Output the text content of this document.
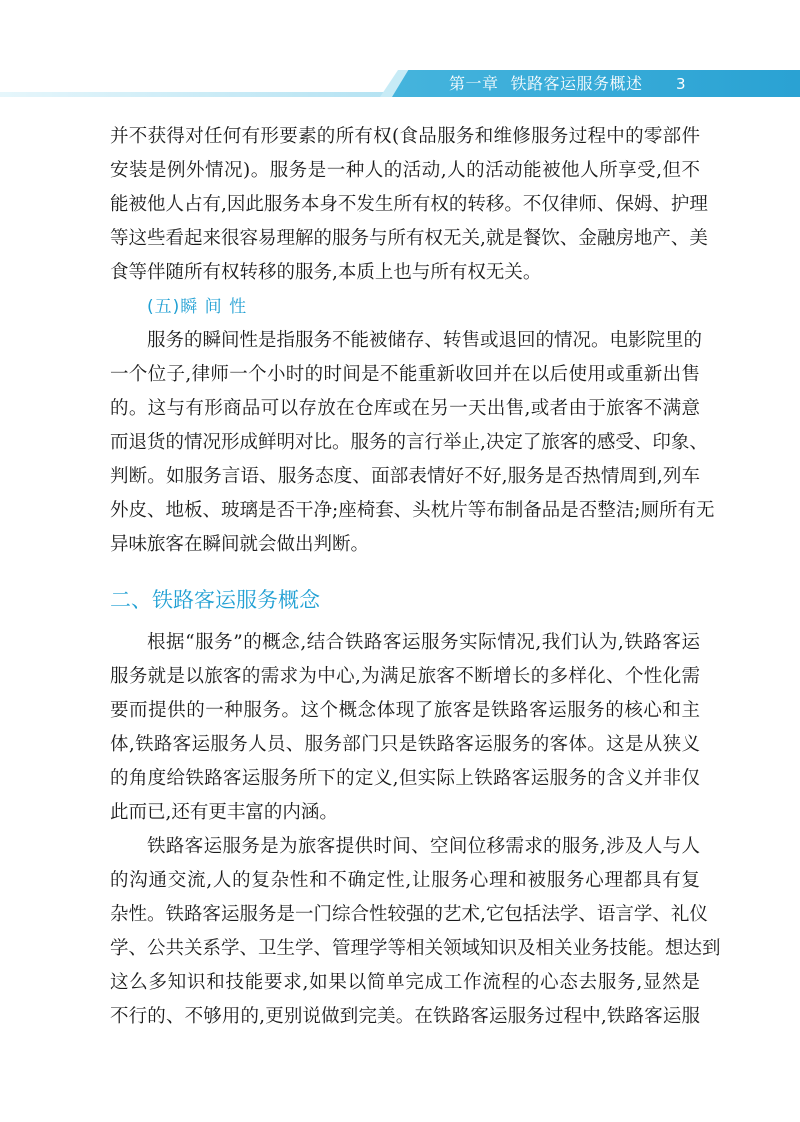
第一章 铁路客运服务概述 3
并不获得对任何有形要素的所有权(食品服务和维修服务过程中的零部件
安装是例外情况)。服务是一种人的活动,人的活动能被他人所享受,但不
能被他人占有,因此服务本身不发生所有权的转移。不仅律师、保姆、护理
等这些看起来很容易理解的服务与所有权无关,就是餐饮、金融房地产、美
食等伴随所有权转移的服务,本质上也与所有权无关。
(五)瞬 间 性
服务的瞬间性是指服务不能被储存、转售或退回的情况。电影院里的
一个位子,律师一个小时的时间是不能重新收回并在以后使用或重新出售
的。这与有形商品可以存放在仓库或在另一天出售,或者由于旅客不满意
而退货的情况形成鲜明对比。服务的言行举止,决定了旅客的感受、印象、
判断。如服务言语、服务态度、面部表情好不好,服务是否热情周到,列车
外皮、地板、玻璃是否干净;座椅套、头枕片等布制备品是否整洁;厕所有无
异味旅客在瞬间就会做出判断。
二、铁路客运服务概念
根据“服务”的概念,结合铁路客运服务实际情况,我们认为,铁路客运
服务就是以旅客的需求为中心,为满足旅客不断增长的多样化、个性化需
要而提供的一种服务。这个概念体现了旅客是铁路客运服务的核心和主
体,铁路客运服务人员、服务部门只是铁路客运服务的客体。这是从狭义
的角度给铁路客运服务所下的定义,但实际上铁路客运服务的含义并非仅
此而已,还有更丰富的内涵。
铁路客运服务是为旅客提供时间、空间位移需求的服务,涉及人与人
的沟通交流,人的复杂性和不确定性,让服务心理和被服务心理都具有复
杂性。铁路客运服务是一门综合性较强的艺术,它包括法学、语言学、礼仪
学、公共关系学、卫生学、管理学等相关领域知识及相关业务技能。想达到
这么多知识和技能要求,如果以简单完成工作流程的心态去服务,显然是
不行的、不够用的,更别说做到完美。在铁路客运服务过程中,铁路客运服
